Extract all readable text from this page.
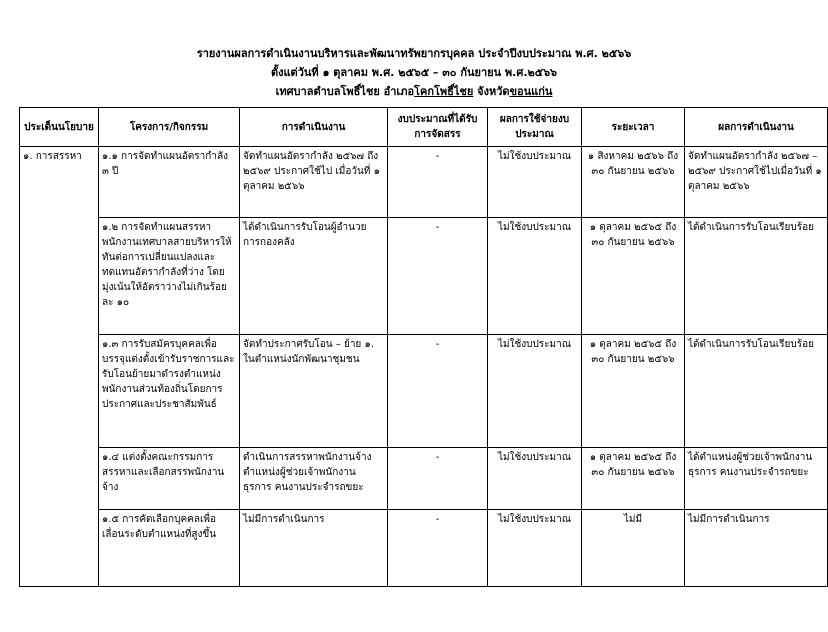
รายงานผลการดำเนินงานบริหารและพัฒนาทรัพยากรบุคคล ประจำปีงบประมาณ พ.ศ. ๒๕๖๖
ตั้งแต่วันที่ ๑ ตุลาคม พ.ศ. ๒๕๖๕ – ๓๐ กันยายน พ.ศ.๒๕๖๖
เทศบาลตำบลโพธิ์ไชย อำเภอโคกโพธิ์ไชย จังหวัดขอนแก่น
ประเด็นนโยบาย	โครงการ/กิจกรรม	การดำเนินงาน	งบประมาณที่ได้รับการจัดสรร	ผลการใช้จ่ายงบประมาณ	ระยะเวลา	ผลการดำเนินงาน
๑. การสรรหา	๑.๑ การจัดทำแผนอัตรากำลัง ๓ ปี	จัดทำแผนอัตรากำลัง ๒๕๖๗ ถึง ๒๕๖๙ ประกาศใช้ไป เมื่อวันที่ ๑ ตุลาคม ๒๕๖๖	-	ไม่ใช้งบประมาณ	๑ สิงหาคม ๒๕๖๖ ถึง ๓๐ กันยายน ๒๕๖๖	จัดทำแผนอัตรากำลัง ๒๕๖๗ – ๒๕๖๙ ประกาศใช้ไปเมื่อวันที่ ๑ ตุลาคม ๒๕๖๖
	๑.๒ การจัดทำแผนสรรหาพนักงานเทศบาลสายบริหารให้ทันต่อการเปลี่ยนแปลงและทดแทนอัตรากำลังที่ว่าง โดยมุ่งเน้นให้อัตราว่างไม่เกินร้อยละ ๑๐	ได้ดำเนินการรับโอนผู้อำนวยการกองคลัง	-	ไม่ใช้งบประมาณ	๑ ตุลาคม ๒๕๖๕ ถึง ๓๐ กันยายน ๒๕๖๖	ได้ดำเนินการรับโอนเรียบร้อย
	๑.๓ การรับสมัครบุคคลเพื่อบรรจุแต่งตั้งเข้ารับราชการและรับโอนย้ายมาดำรงตำแหน่งพนักงานส่วนท้องถิ่นโดยการประกาศและประชาสัมพันธ์	จัดทำประกาศรับโอน – ย้าย ๑. ในตำแหน่งนักพัฒนาชุมชน	-	ไม่ใช้งบประมาณ	๑ ตุลาคม ๒๕๖๕ ถึง ๓๐ กันยายน ๒๕๖๖	ได้ดำเนินการรับโอนเรียบร้อย
	๑.๔ แต่งตั้งคณะกรรมการสรรหาและเลือกสรรพนักงานจ้าง	ดำเนินการสรรหาพนักงานจ้างตำแหน่งผู้ช่วยเจ้าพนักงานธุรการ คนงานประจำรถขยะ	-	ไม่ใช้งบประมาณ	๑ ตุลาคม ๒๕๖๕ ถึง ๓๐ กันยายน ๒๕๖๖	ได้ตำแหน่งผู้ช่วยเจ้าพนักงานธุรการ คนงานประจำรถขยะ
	๑.๕ การคัดเลือกบุคคลเพื่อเลื่อนระดับตำแหน่งที่สูงขึ้น	ไม่มีการดำเนินการ	-	ไม่ใช้งบประมาณ	ไม่มี	ไม่มีการดำเนินการ
